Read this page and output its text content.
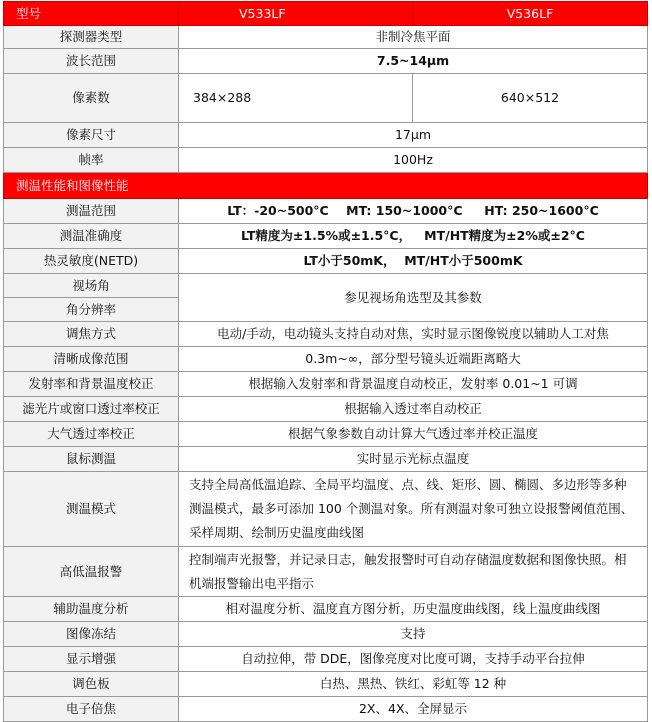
型号	V533LF	V536LF
探测器类型	非制冷焦平面	
波长范围	7.5~14μm	
像素数	384×288	640×512
像素尺寸	17μm	
帧率	100Hz	
测温性能和图像性能		
测温范围	LT：-20~500°C    MT: 150~1000°C     HT: 250~1600°C	
测温准确度	LT精度为±1.5%或±1.5°C，   MT/HT精度为±2%或±2°C	
热灵敏度(NETD)	LT小于50mK，  MT/HT小于500mK	
视场角	参见视场角选型及其参数	
角分辨率		
调焦方式	电动/手动，电动镜头支持自动对焦，实时显示图像锐度以辅助人工对焦	
清晰成像范围	0.3m~∞，部分型号镜头近端距离略大	
发射率和背景温度校正	根据输入发射率和背景温度自动校正，发射率 0.01~1 可调	
滤光片或窗口透过率校正	根据输入透过率自动校正	
大气透过率校正	根据气象参数自动计算大气透过率并校正温度	
鼠标测温	实时显示光标点温度	
测温模式	支持全局高低温追踪、全局平均温度、点、线、矩形、圆、椭圆、多边形等多种测温模式，最多可添加 100 个测温对象。所有测温对象可独立设报警阈值范围、采样周期、绘制历史温度曲线图	
高低温报警	控制端声光报警，并记录日志，触发报警时可自动存储温度数据和图像快照。相机端报警输出电平指示	
辅助温度分析	相对温度分析、温度直方图分析，历史温度曲线图，线上温度曲线图	
图像冻结	支持	
显示增强	自动拉伸，带 DDE，图像亮度对比度可调，支持手动平台拉伸	
调色板	白热、黑热、铁红、彩虹等 12 种	
电子倍焦	2X、4X、全屏显示	
